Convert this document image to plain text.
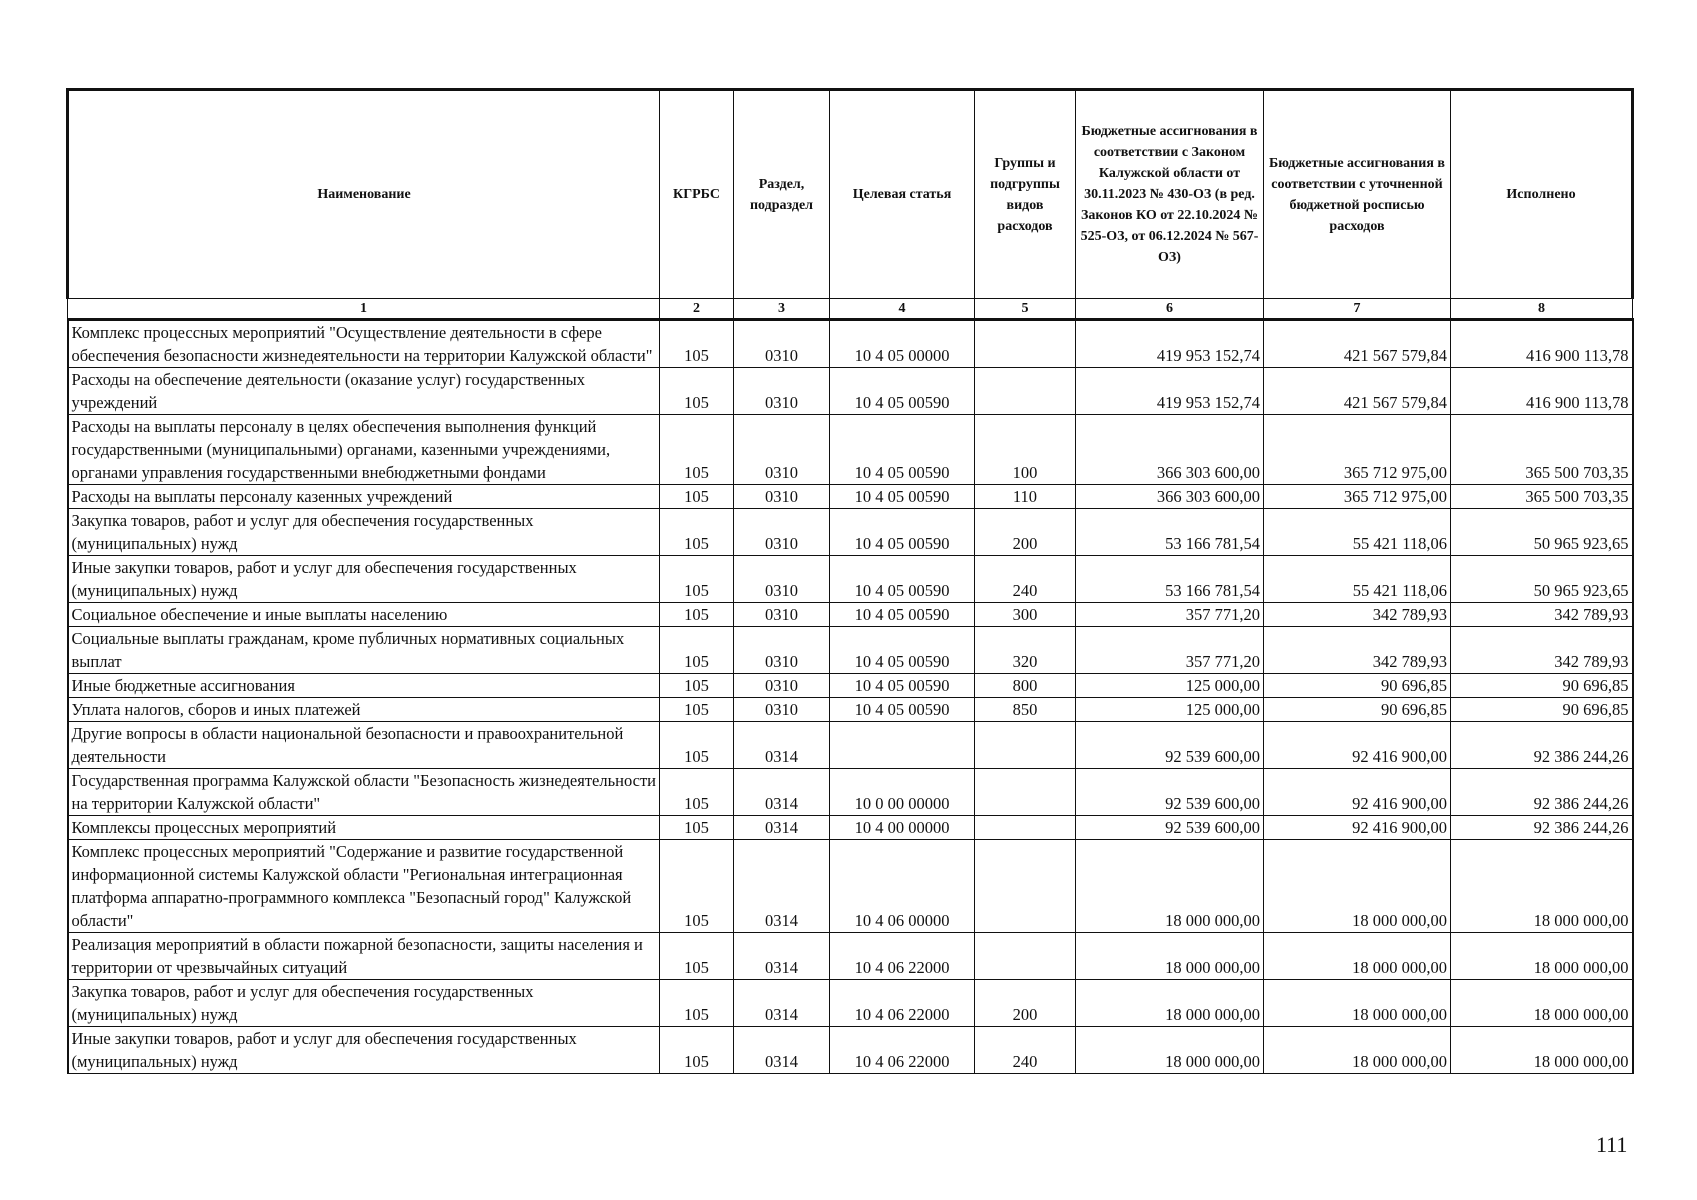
Наименование	КГРБС	Раздел, подраздел	Целевая статья	Группы и подгруппы видов расходов	Бюджетные ассигнования в соответствии с Законом Калужской области от 30.11.2023 № 430-ОЗ (в ред. Законов КО от 22.10.2024 № 525-ОЗ, от 06.12.2024 № 567-ОЗ)	Бюджетные ассигнования в соответствии с уточненной бюджетной росписью расходов	Исполнено
1	2	3	4	5	6	7	8
Комплекс процессных мероприятий "Осуществление деятельности в сфере обеспечения безопасности жизнедеятельности на территории Калужской области"	105	0310	10 4 05 00000		419 953 152,74	421 567 579,84	416 900 113,78
Расходы на обеспечение деятельности (оказание услуг) государственных учреждений	105	0310	10 4 05 00590		419 953 152,74	421 567 579,84	416 900 113,78
Расходы на выплаты персоналу в целях обеспечения выполнения функций государственными (муниципальными) органами, казенными учреждениями, органами управления государственными внебюджетными фондами	105	0310	10 4 05 00590	100	366 303 600,00	365 712 975,00	365 500 703,35
Расходы на выплаты персоналу казенных учреждений	105	0310	10 4 05 00590	110	366 303 600,00	365 712 975,00	365 500 703,35
Закупка товаров, работ и услуг для обеспечения государственных (муниципальных) нужд	105	0310	10 4 05 00590	200	53 166 781,54	55 421 118,06	50 965 923,65
Иные закупки товаров, работ и услуг для обеспечения государственных (муниципальных) нужд	105	0310	10 4 05 00590	240	53 166 781,54	55 421 118,06	50 965 923,65
Социальное обеспечение и иные выплаты населению	105	0310	10 4 05 00590	300	357 771,20	342 789,93	342 789,93
Социальные выплаты гражданам, кроме публичных нормативных социальных выплат	105	0310	10 4 05 00590	320	357 771,20	342 789,93	342 789,93
Иные бюджетные ассигнования	105	0310	10 4 05 00590	800	125 000,00	90 696,85	90 696,85
Уплата налогов, сборов и иных платежей	105	0310	10 4 05 00590	850	125 000,00	90 696,85	90 696,85
Другие вопросы в области национальной безопасности и правоохранительной деятельности	105	0314			92 539 600,00	92 416 900,00	92 386 244,26
Государственная программа Калужской области "Безопасность жизнедеятельности на территории Калужской области"	105	0314	10 0 00 00000		92 539 600,00	92 416 900,00	92 386 244,26
Комплексы процессных мероприятий	105	0314	10 4 00 00000		92 539 600,00	92 416 900,00	92 386 244,26
Комплекс процессных мероприятий "Содержание и развитие государственной информационной системы Калужской области "Региональная интеграционная платформа аппаратно-программного комплекса "Безопасный город" Калужской области"	105	0314	10 4 06 00000		18 000 000,00	18 000 000,00	18 000 000,00
Реализация мероприятий в области пожарной безопасности, защиты населения и территории от чрезвычайных ситуаций	105	0314	10 4 06 22000		18 000 000,00	18 000 000,00	18 000 000,00
Закупка товаров, работ и услуг для обеспечения государственных (муниципальных) нужд	105	0314	10 4 06 22000	200	18 000 000,00	18 000 000,00	18 000 000,00
Иные закупки товаров, работ и услуг для обеспечения государственных (муниципальных) нужд	105	0314	10 4 06 22000	240	18 000 000,00	18 000 000,00	18 000 000,00
111
